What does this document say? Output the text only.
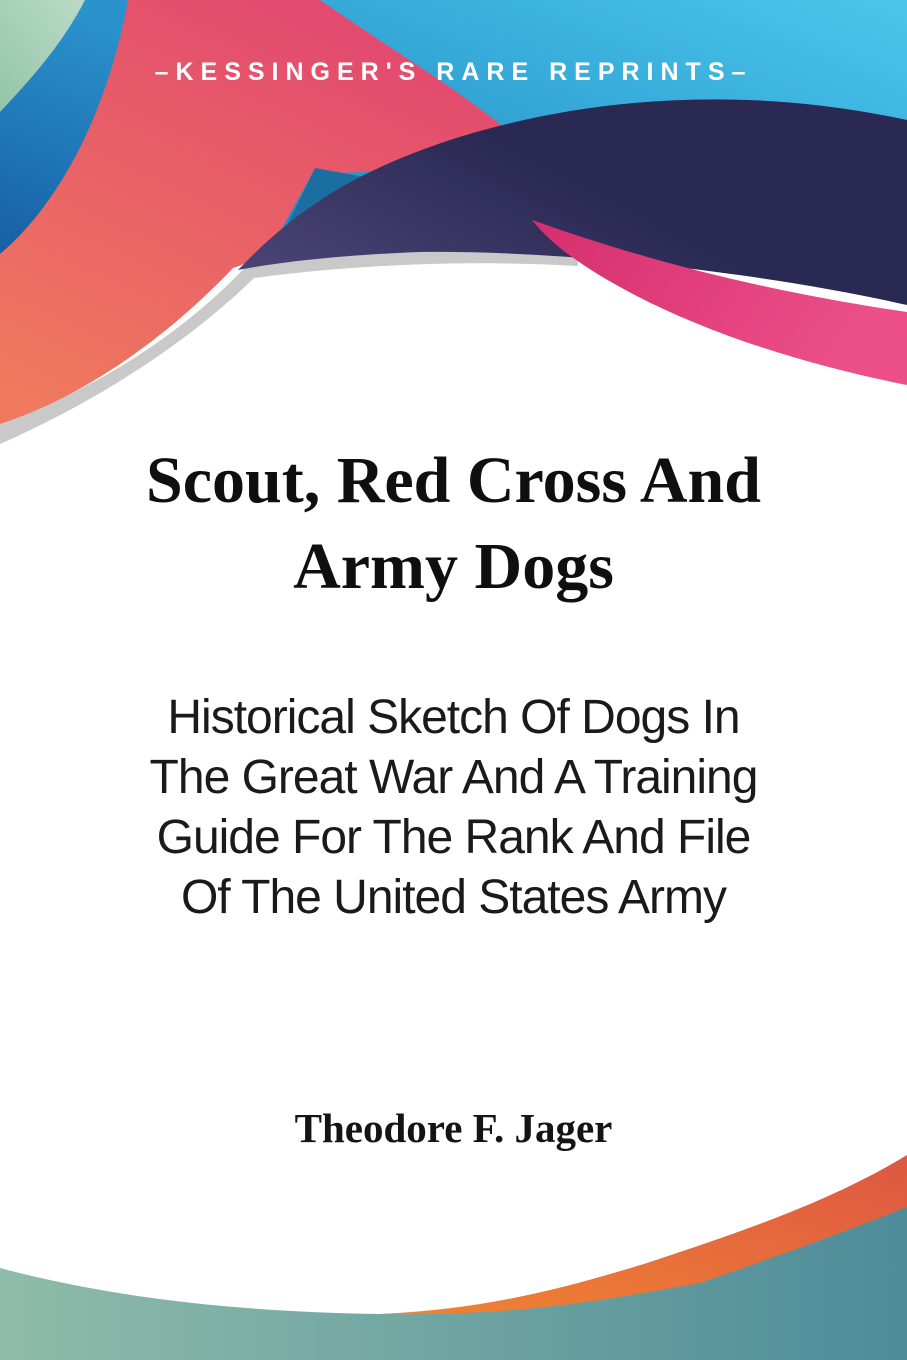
–KESSINGER'S RARE REPRINTS–
Scout, Red Cross And
Army Dogs
Historical Sketch Of Dogs In
The Great War And A Training
Guide For The Rank And File
Of The United States Army
Theodore F. Jager
